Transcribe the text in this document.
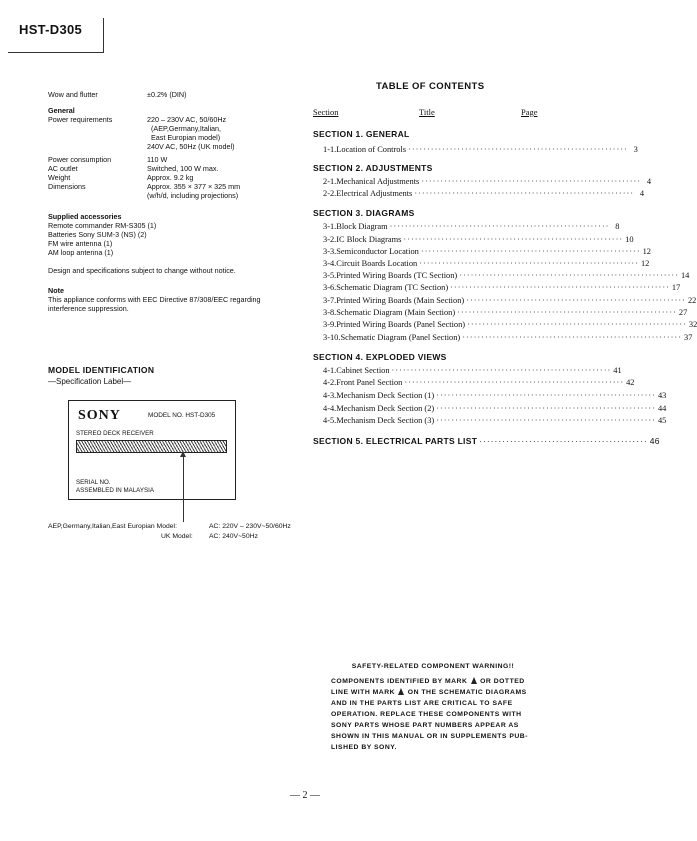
HST-D305
Wow and flutter	±0.2% (DIN)
General
Power requirements	220 – 230V AC, 50/60Hz
(AEP,Germany,Italian,
East Europian model)
240V AC, 50Hz (UK model)
Power consumption	110 W
AC outlet	Switched, 100 W max.
Weight	Approx. 9.2 kg
Dimensions	Approx. 355 × 377 × 325 mm
(w/h/d, including projections)
Supplied accessories
Remote commander RM-S305 (1)
Batteries Sony SUM-3 (NS) (2)
FM wire antenna (1)
AM loop antenna (1)
Design and specifications subject to change without notice.
Note
This appliance conforms with EEC Directive 87/308/EEC regarding
interference suppression.
MODEL IDENTIFICATION
—Specification Label—
SONY	MODEL NO. HST-D305
STEREO DECK RECEIVER
SERIAL NO.
ASSEMBLED IN MALAYSIA
AEP,Germany,Italian,East Europian Model:	AC: 220V – 230V~50/60Hz
UK Model: AC: 240V~50Hz
TABLE OF CONTENTS
Section	Title	Page
SECTION 1. GENERAL
1-1. Location of Controls ·························································· 3
SECTION 2. ADJUSTMENTS
2-1. Mechanical Adjustments ·························································· 4
2-2. Electrical Adjustments ·························································· 4
SECTION 3. DIAGRAMS
3-1. Block Diagram ·························································· 8
3-2. IC Block Diagrams ·························································· 10
3-3. Semiconductor Location ·························································· 12
3-4. Circuit Boards Location ·························································· 12
3-5. Printed Wiring Boards (TC Section) ·························································· 14
3-6. Schematic Diagram (TC Section) ·························································· 17
3-7. Printed Wiring Boards (Main Section) ·························································· 22
3-8. Schematic Diagram (Main Section) ·························································· 27
3-9. Printed Wiring Boards (Panel Section) ·························································· 32
3-10. Schematic Diagram (Panel Section) ·························································· 37
SECTION 4. EXPLODED VIEWS
4-1. Cabinet Section ·························································· 41
4-2. Front Panel Section ·························································· 42
4-3. Mechanism Deck Section (1) ·························································· 43
4-4. Mechanism Deck Section (2) ·························································· 44
4-5. Mechanism Deck Section (3) ·························································· 45
SECTION 5. ELECTRICAL PARTS LIST ············································ 46
SAFETY-RELATED COMPONENT WARNING!!
COMPONENTS IDENTIFIED BY MARK OR DOTTED
LINE WITH MARK ON THE SCHEMATIC DIAGRAMS
AND IN THE PARTS LIST ARE CRITICAL TO SAFE
OPERATION. REPLACE THESE COMPONENTS WITH
SONY PARTS WHOSE PART NUMBERS APPEAR AS
SHOWN IN THIS MANUAL OR IN SUPPLEMENTS PUB-
LISHED BY SONY.
— 2 —
